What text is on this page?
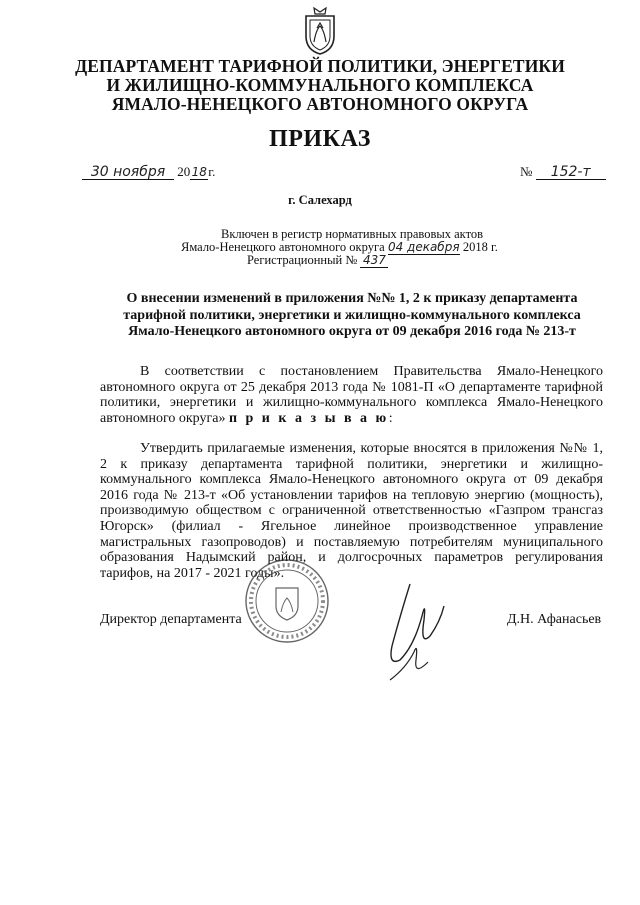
ДЕПАРТАМЕНТ ТАРИФНОЙ ПОЛИТИКИ, ЭНЕРГЕТИКИ
И ЖИЛИЩНО-КОММУНАЛЬНОГО КОМПЛЕКСА
ЯМАЛО-НЕНЕЦКОГО АВТОНОМНОГО ОКРУГА
ПРИКАЗ
30 ноября 2018г.	№ 152-т
г. Салехард
Включен в регистр нормативных правовых актов
Ямало-Ненецкого автономного округа 04 декабря 2018 г.
Регистрационный № 437
О внесении изменений в приложения №№ 1, 2 к приказу департамента тарифной политики, энергетики и жилищно-коммунального комплекса Ямало-Ненецкого автономного округа от 09 декабря 2016 года № 213-т

В соответствии с постановлением Правительства Ямало-Ненецкого автономного округа от 25 декабря 2013 года № 1081-П «О департаменте тарифной политики, энергетики и жилищно-коммунального комплекса Ямало-Ненецкого автономного округа» п р и к а з ы в а ю:

Утвердить прилагаемые изменения, которые вносятся в приложения №№ 1, 2 к приказу департамента тарифной политики, энергетики и жилищно-коммунального комплекса Ямало-Ненецкого автономного округа от 09 декабря 2016 года № 213-т «Об установлении тарифов на тепловую энергию (мощность), производимую обществом с ограниченной ответственностью «Газпром трансгаз Югорск» (филиал - Ягельное линейное производственное управление магистральных газопроводов) и поставляемую потребителям муниципального образования Надымский район, и долгосрочных параметров регулирования тарифов, на 2017 - 2021 годы».

Директор департамента	Д.Н. Афанасьев
